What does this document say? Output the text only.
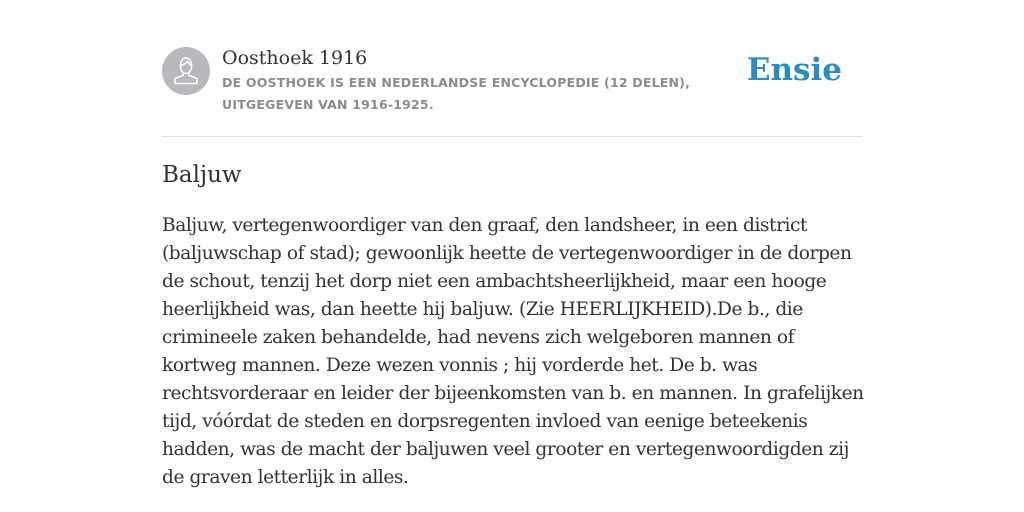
Oosthoek 1916
DE OOSTHOEK IS EEN NEDERLANDSE ENCYCLOPEDIE (12 DELEN), UITGEGEVEN VAN 1916-1925.
Ensie
Baljuw

Baljuw, vertegenwoordiger van den graaf, den landsheer, in een district (baljuwschap of stad); gewoonlijk heette de vertegenwoordiger in de dorpen de schout, tenzij het dorp niet een ambachtsheerlijkheid, maar een hooge heerlijkheid was, dan heette hij baljuw. (Zie HEERLIJKHEID).De b., die crimineele zaken behandelde, had nevens zich welgeboren mannen of kortweg mannen. Deze wezen vonnis ; hij vorderde het. De b. was rechtsvorderaar en leider der bijeenkomsten van b. en mannen. In grafelijken tijd, vóórdat de steden en dorpsregenten invloed van eenige beteekenis hadden, was de macht der baljuwen veel grooter en vertegenwoordigden zij de graven letterlijk in alles.
